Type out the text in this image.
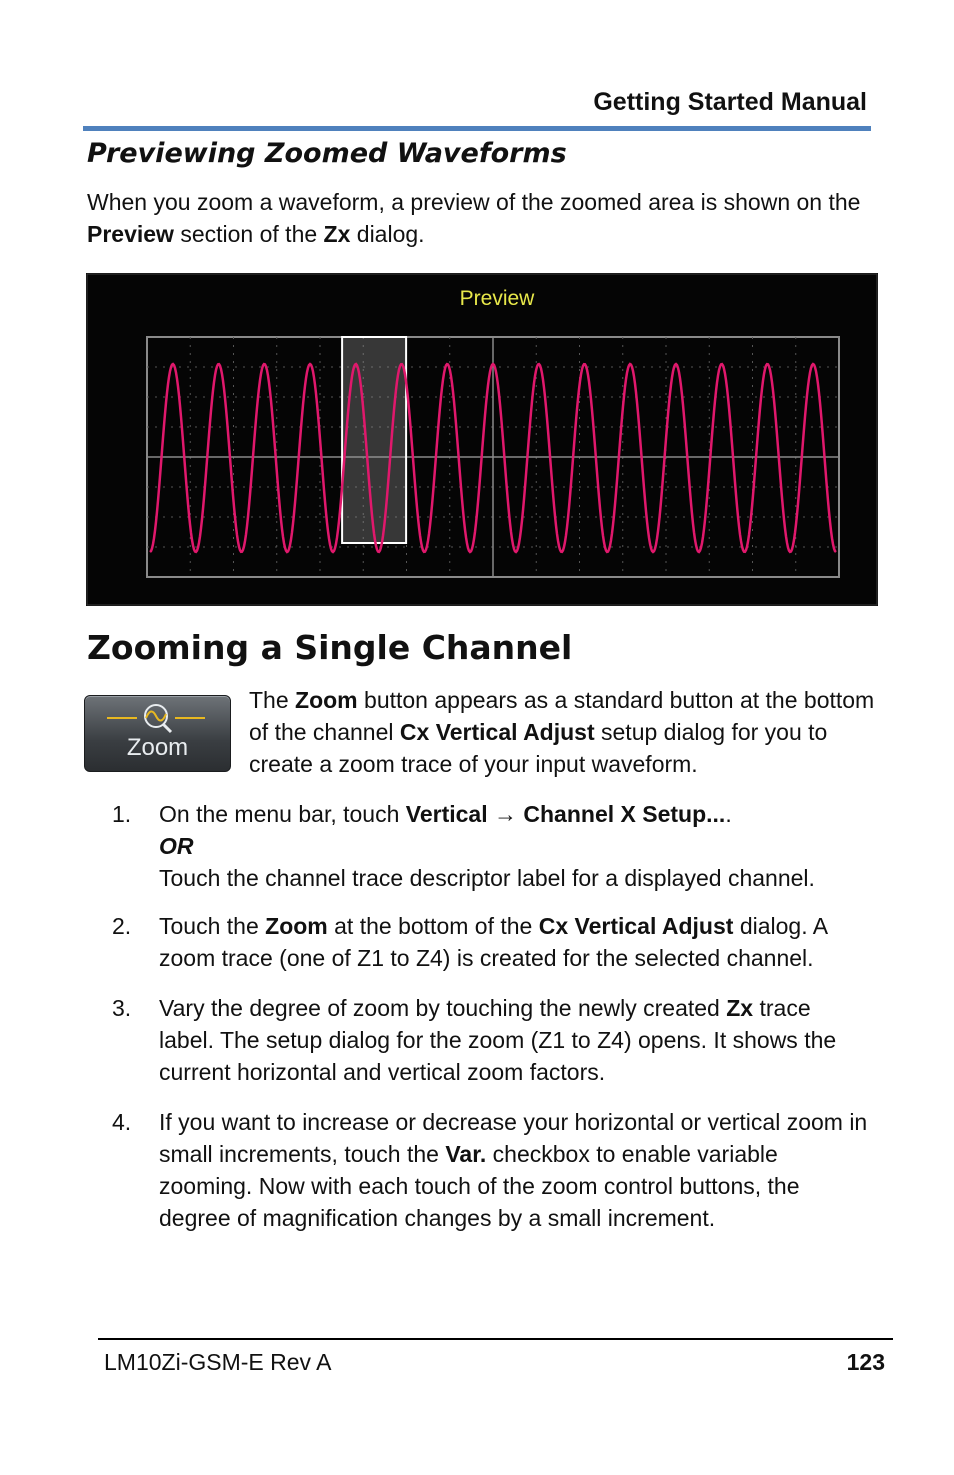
Getting Started Manual
Previewing Zoomed Waveforms
When you zoom a waveform, a preview of the zoomed area is shown on the Preview section of the Zx dialog.
Preview
Zooming a Single Channel
Zoom
The Zoom button appears as a standard button at the bottom of the channel Cx Vertical Adjust setup dialog for you to create a zoom trace of your input waveform.
1. On the menu bar, touch Vertical → Channel X Setup....
OR
Touch the channel trace descriptor label for a displayed channel.
2. Touch the Zoom at the bottom of the Cx Vertical Adjust dialog. A zoom trace (one of Z1 to Z4) is created for the selected channel.
3. Vary the degree of zoom by touching the newly created Zx trace label. The setup dialog for the zoom (Z1 to Z4) opens. It shows the current horizontal and vertical zoom factors.
4. If you want to increase or decrease your horizontal or vertical zoom in small increments, touch the Var. checkbox to enable variable zooming. Now with each touch of the zoom control buttons, the degree of magnification changes by a small increment.
LM10Zi-GSM-E Rev A	123
